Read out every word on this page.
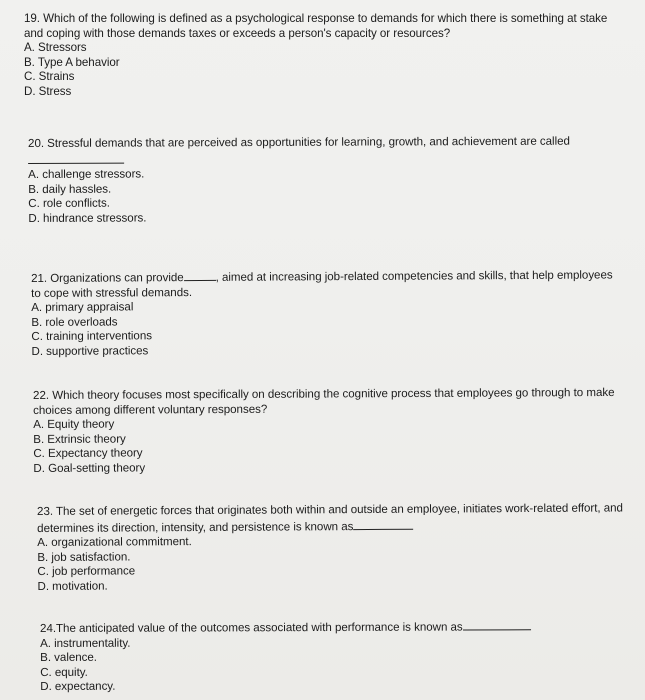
19. Which of the following is defined as a psychological response to demands for which there is something at stake and coping with those demands taxes or exceeds a person's capacity or resources?

A. Stressors
B. Type A behavior
C. Strains
D. Stress

20. Stressful demands that are perceived as opportunities for learning, growth, and achievement are called

A. challenge stressors.
B. daily hassles.
C. role conflicts.
D. hindrance stressors.

21. Organizations can provide	, aimed at increasing job-related competencies and skills, that help employees to cope with stressful demands.

A. primary appraisal
B. role overloads
C. training interventions
D. supportive practices

22. Which theory focuses most specifically on describing the cognitive process that employees go through to make choices among different voluntary responses?

A. Equity theory
B. Extrinsic theory
C. Expectancy theory
D. Goal-setting theory

23. The set of energetic forces that originates both within and outside an employee, initiates work-related effort, and determines its direction, intensity, and persistence is known as

A. organizational commitment.
B. job satisfaction.
C. job performance
D. motivation.

24.The anticipated value of the outcomes associated with performance is known as

A. instrumentality.
B. valence.
C. equity.
D. expectancy.
